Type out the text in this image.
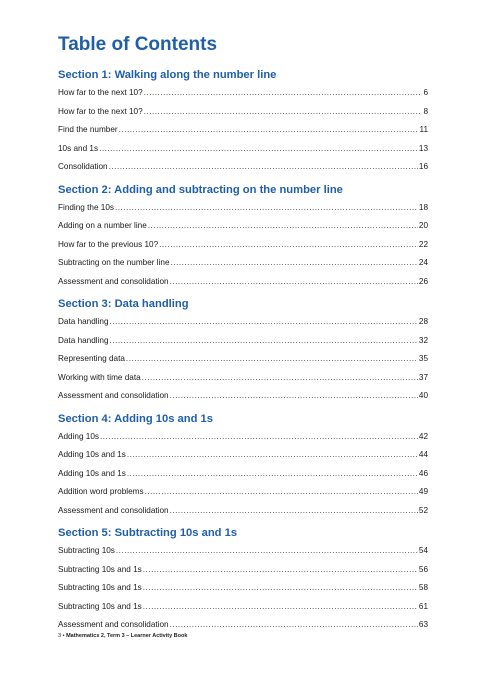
Table of Contents
Section 1: Walking along the number line
How far to the next 10? .....	6
How far to the next 10? .....	8
Find the number .....	11
10s and 1s .....	13
Consolidation .....	16
Section 2: Adding and subtracting on the number line
Finding the 10s .....	18
Adding on a number line .....	20
How far to the previous 10? .....	22
Subtracting on the number line .....	24
Assessment and consolidation .....	26
Section 3: Data handling
Data handling .....	28
Data handling .....	32
Representing data .....	35
Working with time data .....	37
Assessment and consolidation .....	40
Section 4: Adding 10s and 1s
Adding 10s .....	42
Adding 10s and 1s .....	44
Adding 10s and 1s .....	46
Addition word problems .....	49
Assessment and consolidation .....	52
Section 5: Subtracting 10s and 1s
Subtracting 10s .....	54
Subtracting 10s and 1s .....	56
Subtracting 10s and 1s .....	58
Subtracting 10s and 1s .....	61
Assessment and consolidation .....	63
3 • Mathematics 2, Term 3 – Learner Activity Book
